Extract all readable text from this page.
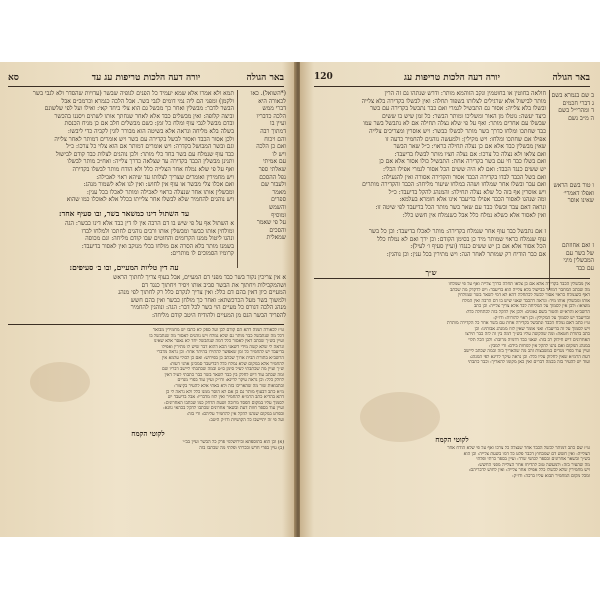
באר הגולה
יורה דעה הלכות טריפות עג עד
סא
(*השואל). כאו
לכאורה היא
דברי ממש
הלכה כדבריו
ועיין בו
דמתוך רבה
והם ויכוח
ואם כן הלכה
ויש לו
עם אמיתי
שאלתי ספר
נפל ההסכם
ולעבור שם
מאמר
ספרים
והשמש
ומוסיף
על פי שאמר
והסכים
שמאלית
תמא ולא אמרו אלא שמא יעמיד כל הפנים לגופיה שבשר (עדויות שהסדר ולא לגבי בשר
ולקמן) ומפני הם ליה נמי דומים לגבי בשר. אבל הלכה כגמרא וכרמב״ם אבל
הבשר לדבר: מבשלין ואחר כך מבשל גם הוא צלי ביחד קאי: ואילו ועל לפי שלשונם
וביצה קלופה: ואין מבשלים כבד אלא לאחר שנחתך אותו לשתים ויסננו בהכשר
ובדם מבשל לגבי עוף ומלח כל זמן: כשם מבשלים חלב אם כן מניח הכנסת
בשלה בלא מליחה ונראה אלא בשיטה הוא מבורר לוגין לקביה כדי ליבשו:
ולכן אסור הכבד ואסור לבשל בקדירה עם בשר ויש אומרים דמותר לאחר צלייה
וגם ובשר המבושל בקדרה: ויש אומרים דמותר אם הוא צלוי כל צרכו: כ״ל
כבד עוף שנמלח עם בשר בחד כלי מותר: ולכן נוהגים לצלות כבד קודם לבישול
ותנינן מבשלין הכבד בקדירה עד שצלאה כדרך צלייה: ואח״כ מותר לבשלו
ואף על פי שלא נמלח אחר הצלייה כלל ולא הודח מותר לבשלו בקדירה
ויש מחמירין ואומרים שצריך לצלותו עד שיהא ראוי לאכילה:
ואם אכלו צלי מבשר או עוף אין לחוש: ואין לנו אלא לשמור מנהג:
ומבשלין אותו אחר שנצלה כראוי לאכילה ומותר לאכלו בכל ענין:
ויש נוהגים להחמיר שלא לבשלו אחר צלייתו בכלל אלא לאוכלו כמו שהוא
עד השתול דינו כמשאר בשר, ובו סעיף אחד:
א השתול אף על פי שיש בו דם הרבה אין לו דין כבד אלא דינו כבשר: הגה
ומולחין אותו כבשר ומבשלין אותו ורבים נוהגים לחתכו ולמלחו לבדו
ונהגו ליטול ממנו הקרומים והחוטים שבו קודם מליחה: וגם מכוסה
בשמנו מותר בלא הסרה אם מולחו בכלי מנוקב ואין לאסור בדיעבד:
קרומיו הסמוכים לו מותרים:
עה דין טליות המעיים, ובו ב׳ סעיפים:
א אין צריכין נקור בשר כבד מפני דם המעיים, אבל בעוף צריך לחתוך הראש
ושהמקבילות ויחתוך את הבשר סביב אותו ויסיר ויחתוך כנגד דם
המעיים כיון דאין בהם דם כלל: ואין צריך לנקרם כלל רק לחתוך לפי מנהג
ולמשוך בשר מעל הכרכשתא: ואחר כך מולחן כבשר ואין בהם חשש
מנהג הלכה דגורס כל מעיים הוי בשר לכל דבר: הגה: ונוהגין להחמיר
להפריד הבשר הגס מן המעיים ולהודיח היטב קודם מליחה:
ט״ז לכאורה תמוה דהא הם קודם לכן ועל ספק לא כתבו יש מחמירין מבואר
דכל מה שנתבשל כבר מותר גם שלא נמלח ויש נוהגים לאסור מה שנתבשל בו
ועיין בש״ך שכתב דאין לאסור כלל דמה שנתבשל יחד לא נאסר אלא שאינו
ונראה לי שלא קשה מידי דשאני הכא דהוא דבר שיש לו מתירין ואפילו
בדיעבד יש להחמיר כל זמן שאפשר להתירו בהיתר אחר: וכן נראה מדברי
הרשב״א בתורת הבית ארוך שכתב כן בפירוש: ואם כן לכולי עלמא אין
להחמיר אלא במקום שלא נמלח כלל דבדיעבד סמכינן אהני דעות:
ש״ך ועיין מה שכתבתי לעיל סימן ס״ט ובמה שכתבתי ליישב דבריו שם
ומה שכתב עוד דיש לחלק בין כבד לשאר בשר כבר כתבתי לעיל דאין
לחלק כלל: וכן נראה עיקר לדינא: ודו״ק ועיין עוד בפרי מגדים
ובתבואות שור מה שהאריכו בזה ולא באתי אלא להעיר בקיצור:
מ״א כתב דבעוף מותר גם כן אם לא הוסר ממנו כלל ולא נראה לי כן
דהא בהדיא כתב הרמ״א להחמיר ואין לזוז מדבריו: אבל בדיעבד יש
לסמוך עליו במקום הפסד מרובה ושעת הדחק כמו שכתבו האחרונים:
ועיין עוד בספר חוות דעת ובשאר אחרונים שכתבו להקל בכהאי גוונא:
ובפרט במקום שנהגו להקל אין להחמיר עליהם: ודי בזה:
ועל פי זה יתיישבו כל הקושיות ודו״ק היטב:
לקוטי הקמח
(א) וכן הוא בתוספתא ובירושלמי פרק כל הבשר ועיין בב״י
(ב) עיין בפרי חדש ובכרתי ופלתי מה שכתבו בזה
באר הגולה
יורה דעה הלכות טריפות עג
120
ב שם בגמרא בשם
ג דברי חכמים
ד ומהרי״ל בשם
ה מ״ב נשם
ו טור בשם הראש
ואפלו דאמרי׳
שאינו אוסר
ז ואם אחוזתם
של בשר עם
המבשלין מיני
עם כבד
חולאה בחוטין או בחוטמין ונקב הזוהמא מותר: ודרש שנתהו גם זה הרין
מותר לבישול אלא שרגילים לצלותו בשפוד תחלה: ואין לבשלו בקדירה בלא צלייה
ובשלו בלא צלייה: אסור גם התבשיל לגמרי ואם כבר נתבשל בקדירה עם בשר
כיצד יעשה: נוטלו מן האור ומשליכו ומותר הבשר: כל זמן שיש בו ששים
שבשלו עם אחרים מותר: ואף על פי שלא נצלה תחילה אם לא נתבשל בשר עמו
כבד שחתכו ומלחו כדרך בשר מותר לבשלו כבשר: ויש אוסרין ומצריכים צלייה
אפילו אם שחתכו ומלחו: ויש מקילין: ולמעשה נוהגים להחמיר כדעה זו
שאין מבשלין כבד אלא אם כן נצלה תחילה כראוי: כ״ל שאר הבשר
ואם צלאו ולא נצלה כל צרכו: אם נצלה חציו מותר לבשלו בדיעבד:
ואם בשלו כבד חי עם בשר בקדירה אחת: התבשיל כולו אסור אלא אם כן
יש ששים כנגד הכבד: ואם לא היה ששים הכל אסור לגמרי אפילו הכלי:
ואם בשל הכבד לבדו בקדירה הכבד אסור והקדירה אסורה ואין להגעילה:
ואם עבר ובשלו אחר שמלחו ושהה במלחו שיעור מליחה: הכבד והקדירה מותרים
ויש אוסרין אף בזה כל שלא נצלה תחילה: והמנהג להקל בדיעבד: כ״ל
ומה שנהגו לאסור הכבד אפילו בדיעבד אינו אלא חומרא בעלמא:
ונראה דאם עבר ובשלו כבד עם שאר בשר מותר הכל בדיעבד לפי שיטה זו:
ואין לאסור אלא כשלא נמלח כלל אבל כשנמלח אין חשש כלל:
ז אם נתבשל כבד עוף אחר שנמלח בקדירה: מותר לאכלו בדיעבד: וכן כל בשר
עוף שנמלח כראוי שמותר מיד כן בסימן הקודם: וכן ירך ואם לא נמלח כלל
הכל אסור אלא אם כן יש ששים כנגדו (ועיין סעיף ו׳ לעיל):
אם כבר הודיח רק שמותר לאחר הגה: ויש מתירין בכל ענין: וכן נוהגין:
ש״ך
אין מבשלין הכבד בקדירה אלא אם כן צלאו תחלה כדרך צלייה ואף על פי שמלחו
מה שכתב המחבר דמותר בבישול בלא צלייה הוא בדיעבד: ויש לדקדק מה שכתב
דאף כשנמלח כראוי אסור לבשל לכתחלה דהא לא דמי לשאר בשר שמולחין
אותו ומבשלין אותו מיד: ונראה דהכבד שאני שיש בו דם הרבה ואין המלח
מוציאו: ולכן אין לסמוך על המליחה לבד אלא צריך צלייה: וכן כתב
הרשב״א והרא״ש והטור בשם גאונים: ולכן אין להקל בזה לכתחלה כלל:
ובדיעבד יש לסמוך על המקילין: וכן ראוי להורות: ודו״ק:
ט״ז כתב דאם נמלח הכבד ונתבשל בקדירה אחת עם בשר אחר כל הקדירה מותרת
ויש לסמוך על זה בדיעבד: ואני אומר שאין לזוז ממנהג אבותינו: וכן
כתב בתורת חטאת: ומה שהקשה עליו בש״ך דמה בין זה לזה כבר תירצו
האחרונים דיש חילוק רב בזה: שאני כבד דדמיה מרובה: ולכן הכל תלוי
במנהג המקום ואם נהגו להקל אין למחות בידם: ודי למבין:
ועיין עוד בפרי מגדים במשבצות זהב מה שהאריך בזה ובמה שכתב ליישב
דעת הרמ״א שאין לחלוק עליו כלל: וכן נראה עיקר לדינא לפי המנהג:
ועוד יש להעיר בזה בכמה דברים ואין כאן מקומו להאריך: וכבר כתבתי
לקוטי הקמח
ט״ז שם כתב דמותר לבשל הכבד אחר שנצלה כל צרכו ואף על פי שלא הודח אחר
הצלייה: ואין חשש דם שמבחוץ דכבר פלט כל דמו בשעת צלייה: וכן הוא
בש״ך ובשאר אחרונים ובספר לבושי שרד: ועיין בספר כרתי ופלתי
מה שהעיר בזה: ולמעשה טוב להדיחו אחר הצלייה מפני החשש:
ויש מחמירין שלא לבשלו כלל אפילו אחר צלייה: ואין לחוש לדבריהם:
ומכל מקום המחמיר תבוא עליו ברכה: ודו״ק:
